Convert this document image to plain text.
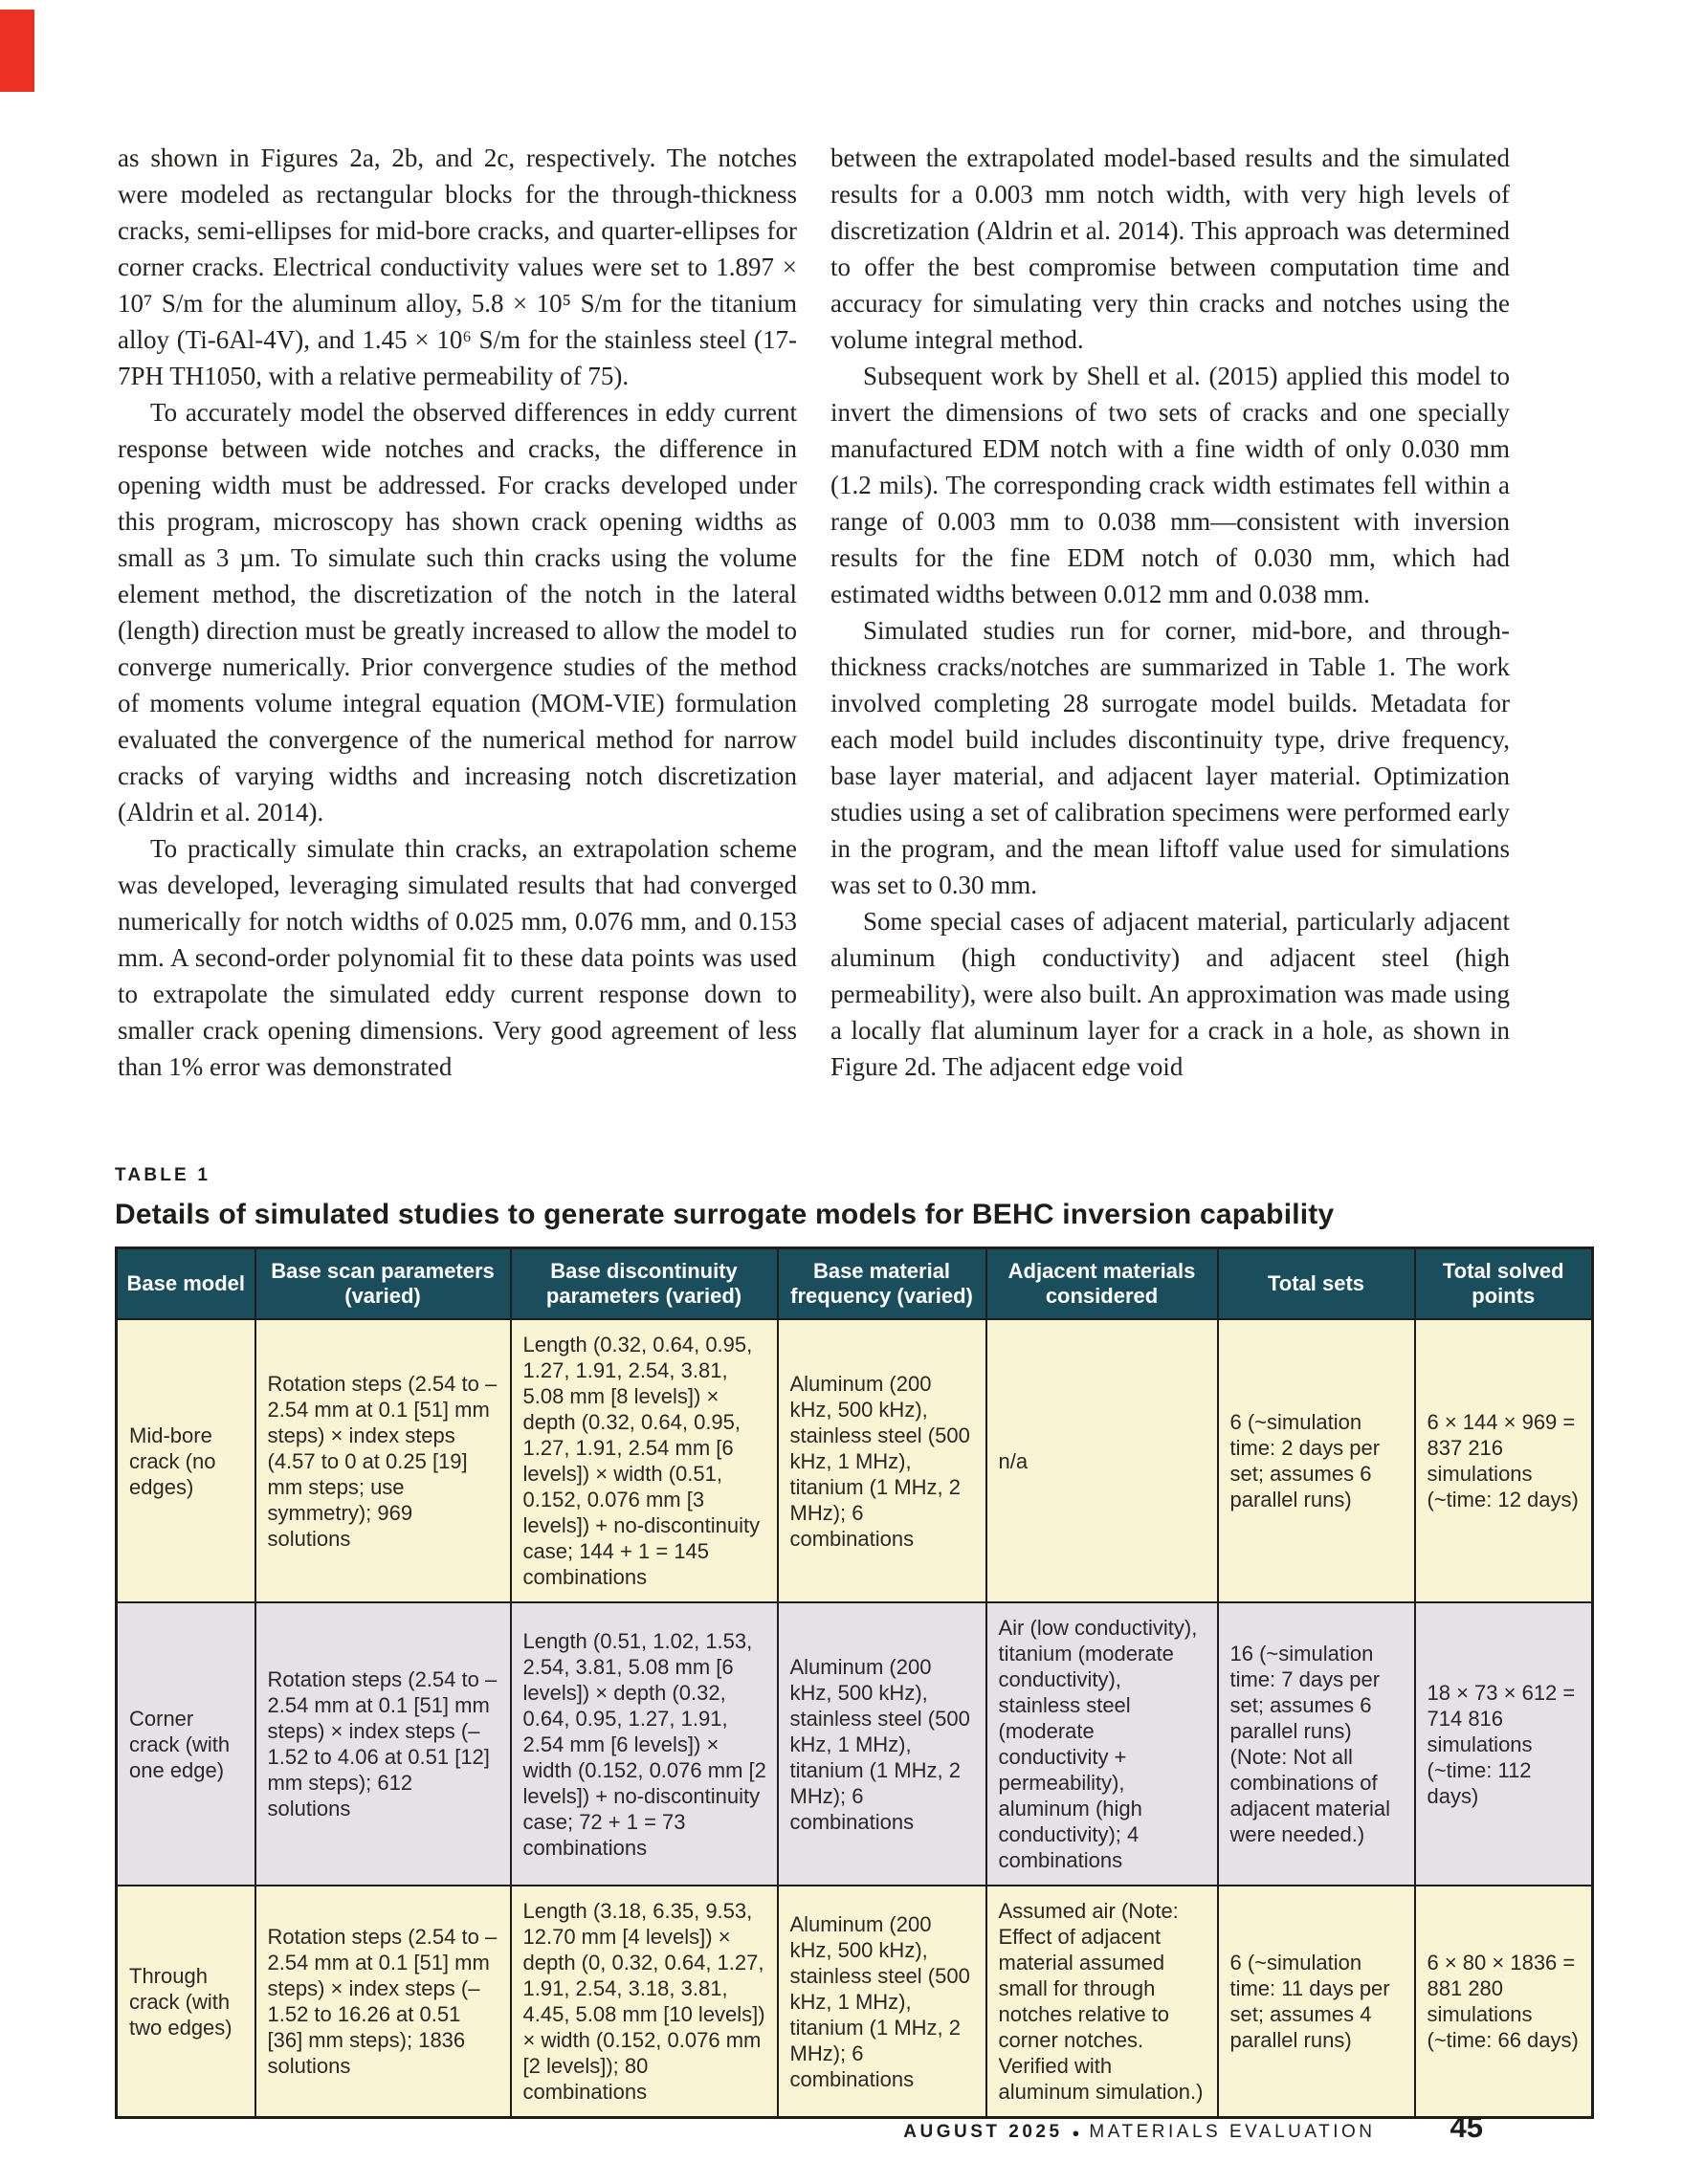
as shown in Figures 2a, 2b, and 2c, respectively. The notches were modeled as rectangular blocks for the through-thickness cracks, semi-ellipses for mid-bore cracks, and quarter-ellipses for corner cracks. Electrical conductivity values were set to 1.897 × 10⁷ S/m for the aluminum alloy, 5.8 × 10⁵ S/m for the titanium alloy (Ti-6Al-4V), and 1.45 × 10⁶ S/m for the stainless steel (17-7PH TH1050, with a relative permeability of 75).

To accurately model the observed differences in eddy current response between wide notches and cracks, the difference in opening width must be addressed. For cracks developed under this program, microscopy has shown crack opening widths as small as 3 µm. To simulate such thin cracks using the volume element method, the discretization of the notch in the lateral (length) direction must be greatly increased to allow the model to converge numerically. Prior convergence studies of the method of moments volume integral equation (MOM-VIE) formulation evaluated the convergence of the numerical method for narrow cracks of varying widths and increasing notch discretization (Aldrin et al. 2014).

To practically simulate thin cracks, an extrapolation scheme was developed, leveraging simulated results that had converged numerically for notch widths of 0.025 mm, 0.076 mm, and 0.153 mm. A second-order polynomial fit to these data points was used to extrapolate the simulated eddy current response down to smaller crack opening dimensions. Very good agreement of less than 1% error was demonstrated

between the extrapolated model-based results and the simulated results for a 0.003 mm notch width, with very high levels of discretization (Aldrin et al. 2014). This approach was determined to offer the best compromise between computation time and accuracy for simulating very thin cracks and notches using the volume integral method.

Subsequent work by Shell et al. (2015) applied this model to invert the dimensions of two sets of cracks and one specially manufactured EDM notch with a fine width of only 0.030 mm (1.2 mils). The corresponding crack width estimates fell within a range of 0.003 mm to 0.038 mm—consistent with inversion results for the fine EDM notch of 0.030 mm, which had estimated widths between 0.012 mm and 0.038 mm.

Simulated studies run for corner, mid-bore, and through-thickness cracks/notches are summarized in Table 1. The work involved completing 28 surrogate model builds. Metadata for each model build includes discontinuity type, drive frequency, base layer material, and adjacent layer material. Optimization studies using a set of calibration specimens were performed early in the program, and the mean liftoff value used for simulations was set to 0.30 mm.

Some special cases of adjacent material, particularly adjacent aluminum (high conductivity) and adjacent steel (high permeability), were also built. An approximation was made using a locally flat aluminum layer for a crack in a hole, as shown in Figure 2d. The adjacent edge void

TABLE 1
Details of simulated studies to generate surrogate models for BEHC inversion capability
Base model	Base scan parameters (varied)	Base discontinuity parameters (varied)	Base material frequency (varied)	Adjacent materials considered	Total sets	Total solved points
Mid-bore crack (no edges)	Rotation steps (2.54 to –2.54 mm at 0.1 [51] mm steps) × index steps (4.57 to 0 at 0.25 [19] mm steps; use symmetry); 969 solutions	Length (0.32, 0.64, 0.95, 1.27, 1.91, 2.54, 3.81, 5.08 mm [8 levels]) × depth (0.32, 0.64, 0.95, 1.27, 1.91, 2.54 mm [6 levels]) × width (0.51, 0.152, 0.076 mm [3 levels]) + no-discontinuity case; 144 + 1 = 145 combinations	Aluminum (200 kHz, 500 kHz), stainless steel (500 kHz, 1 MHz), titanium (1 MHz, 2 MHz); 6 combinations	n/a	6 (~simulation time: 2 days per set; assumes 6 parallel runs)	6 × 144 × 969 = 837 216 simulations (~time: 12 days)
Corner crack (with one edge)	Rotation steps (2.54 to –2.54 mm at 0.1 [51] mm steps) × index steps (–1.52 to 4.06 at 0.51 [12] mm steps); 612 solutions	Length (0.51, 1.02, 1.53, 2.54, 3.81, 5.08 mm [6 levels]) × depth (0.32, 0.64, 0.95, 1.27, 1.91, 2.54 mm [6 levels]) × width (0.152, 0.076 mm [2 levels]) + no-discontinuity case; 72 + 1 = 73 combinations	Aluminum (200 kHz, 500 kHz), stainless steel (500 kHz, 1 MHz), titanium (1 MHz, 2 MHz); 6 combinations	Air (low conductivity), titanium (moderate conductivity), stainless steel (moderate conductivity + permeability), aluminum (high conductivity); 4 combinations	16 (~simulation time: 7 days per set; assumes 6 parallel runs) (Note: Not all combinations of adjacent material were needed.)	18 × 73 × 612 = 714 816 simulations (~time: 112 days)
Through crack (with two edges)	Rotation steps (2.54 to –2.54 mm at 0.1 [51] mm steps) × index steps (–1.52 to 16.26 at 0.51 [36] mm steps); 1836 solutions	Length (3.18, 6.35, 9.53, 12.70 mm [4 levels]) × depth (0, 0.32, 0.64, 1.27, 1.91, 2.54, 3.18, 3.81, 4.45, 5.08 mm [10 levels]) × width (0.152, 0.076 mm [2 levels]); 80 combinations	Aluminum (200 kHz, 500 kHz), stainless steel (500 kHz, 1 MHz), titanium (1 MHz, 2 MHz); 6 combinations	Assumed air (Note: Effect of adjacent material assumed small for through notches relative to corner notches. Verified with aluminum simulation.)	6 (~simulation time: 11 days per set; assumes 4 parallel runs)	6 × 80 × 1836 = 881 280 simulations (~time: 66 days)
AUGUST 2025 ● MATERIALS EVALUATION	45
